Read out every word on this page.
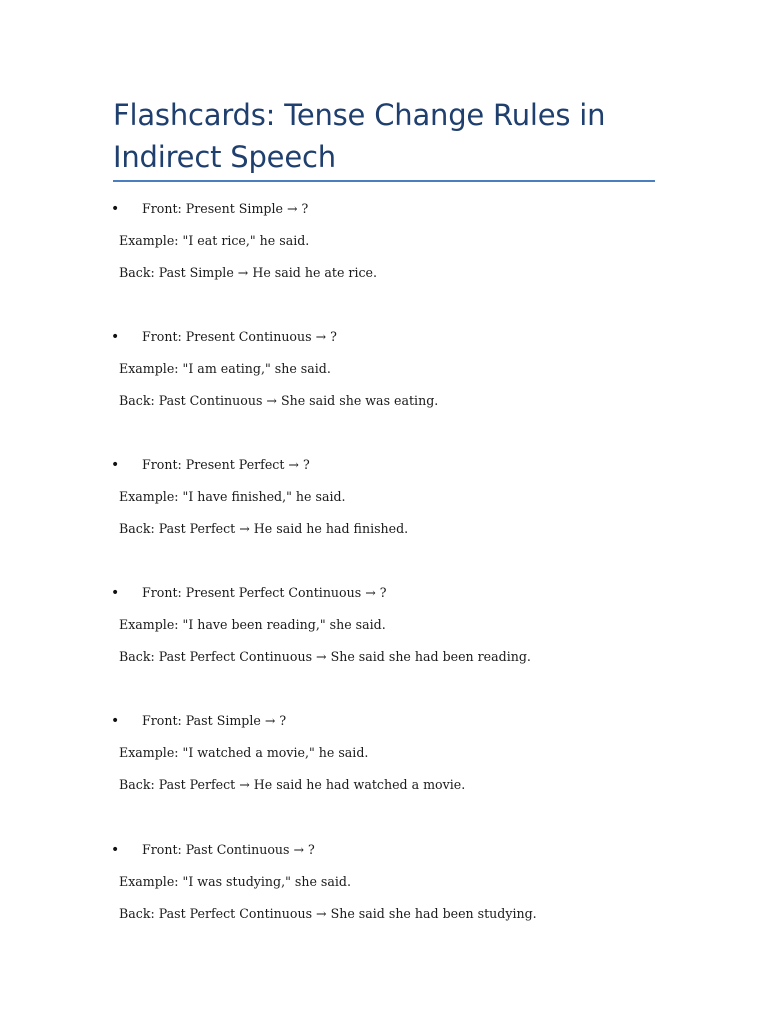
Flashcards: Tense Change Rules in Indirect Speech
• Front: Present Simple → ?
Example: "I eat rice," he said.
Back: Past Simple → He said he ate rice.
• Front: Present Continuous → ?
Example: "I am eating," she said.
Back: Past Continuous → She said she was eating.
• Front: Present Perfect → ?
Example: "I have finished," he said.
Back: Past Perfect → He said he had finished.
• Front: Present Perfect Continuous → ?
Example: "I have been reading," she said.
Back: Past Perfect Continuous → She said she had been reading.
• Front: Past Simple → ?
Example: "I watched a movie," he said.
Back: Past Perfect → He said he had watched a movie.
• Front: Past Continuous → ?
Example: "I was studying," she said.
Back: Past Perfect Continuous → She said she had been studying.
